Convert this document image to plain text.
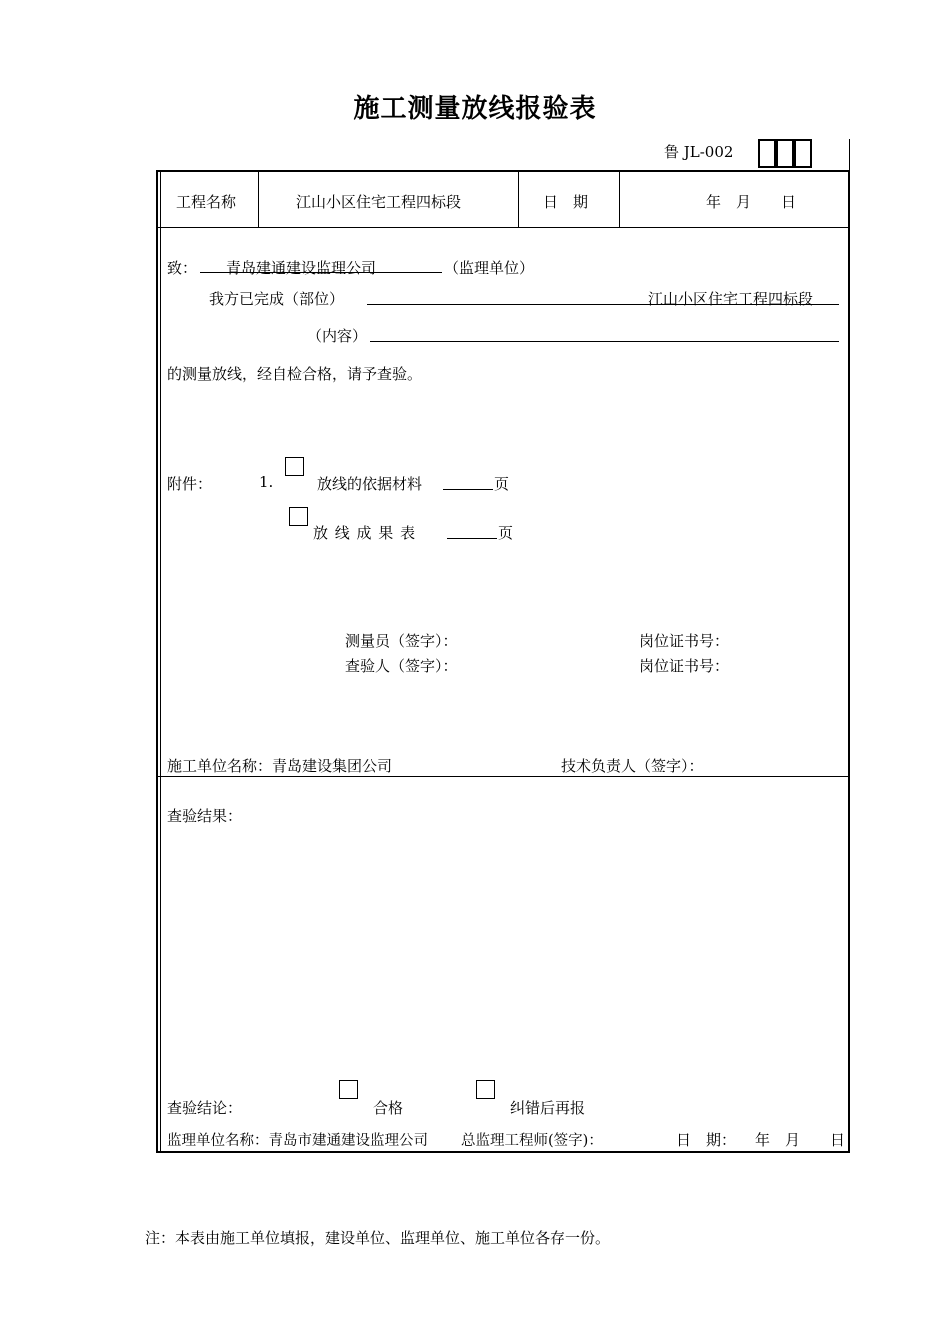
施工测量放线报验表
鲁 JL-002
工程名称	江山小区住宅工程四标段	日　期	年　月　　日
致： 青岛建通建设监理公司	（监理单位）
我方已完成（部位）	江山小区住宅工程四标段
（内容）
的测量放线，经自检合格，请予查验。
附件：	1.	放线的依据材料	页
放 线 成 果 表	页
测量员（签字）：	岗位证书号：
查验人（签字）：	岗位证书号：
施工单位名称：青岛建设集团公司	技术负责人（签字）：
查验结果：
查验结论：	合格	纠错后再报
监理单位名称：青岛市建通建设监理公司 总监理工程师(签字)：	日　期： 年　月　　日
注：本表由施工单位填报，建设单位、监理单位、施工单位各存一份。
